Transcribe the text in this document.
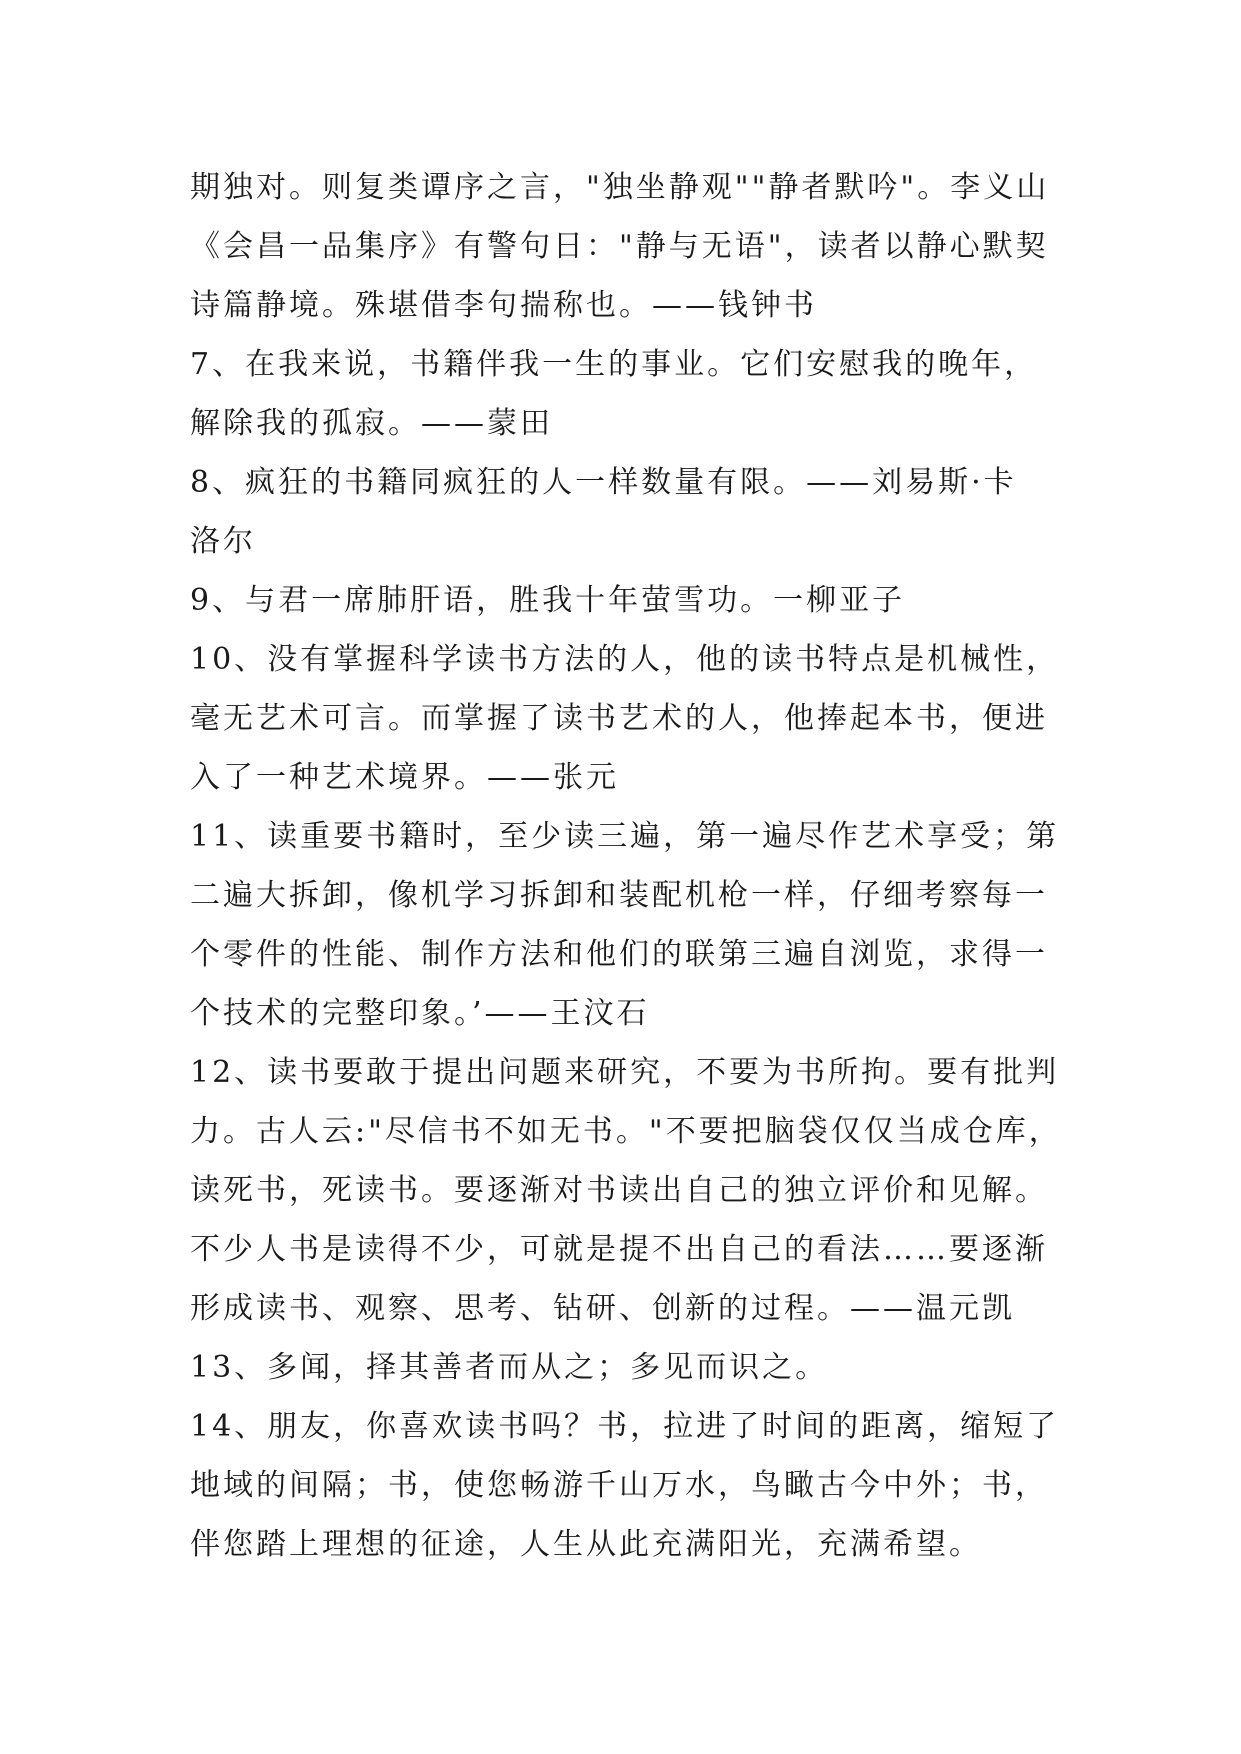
期独对。则复类谭序之言，"独坐静观""静者默吟"。李义山
《会昌一品集序》有警句日："静与无语"，读者以静心默契
诗篇静境。殊堪借李句揣称也。——钱钟书
7、在我来说，书籍伴我一生的事业。它们安慰我的晚年，
解除我的孤寂。——蒙田
8、疯狂的书籍同疯狂的人一样数量有限。——刘易斯·卡
洛尔
9、与君一席肺肝语，胜我十年萤雪功。一柳亚子
10、没有掌握科学读书方法的人，他的读书特点是机械性，
毫无艺术可言。而掌握了读书艺术的人，他捧起本书，便进
入了一种艺术境界。——张元
11、读重要书籍时，至少读三遍，第一遍尽作艺术享受；第
二遍大拆卸，像机学习拆卸和装配机枪一样，仔细考察每一
个零件的性能、制作方法和他们的联第三遍自浏览，求得一
个技术的完整印象。’——王汶石
12、读书要敢于提出问题来研究，不要为书所拘。要有批判
力。古人云:"尽信书不如无书。"不要把脑袋仅仅当成仓库，
读死书，死读书。要逐渐对书读出自己的独立评价和见解。
不少人书是读得不少，可就是提不出自己的看法……要逐渐
形成读书、观察、思考、钻研、创新的过程。——温元凯
13、多闻，择其善者而从之；多见而识之。
14、朋友，你喜欢读书吗？书，拉进了时间的距离，缩短了
地域的间隔；书，使您畅游千山万水，鸟瞰古今中外；书，
伴您踏上理想的征途，人生从此充满阳光，充满希望。
